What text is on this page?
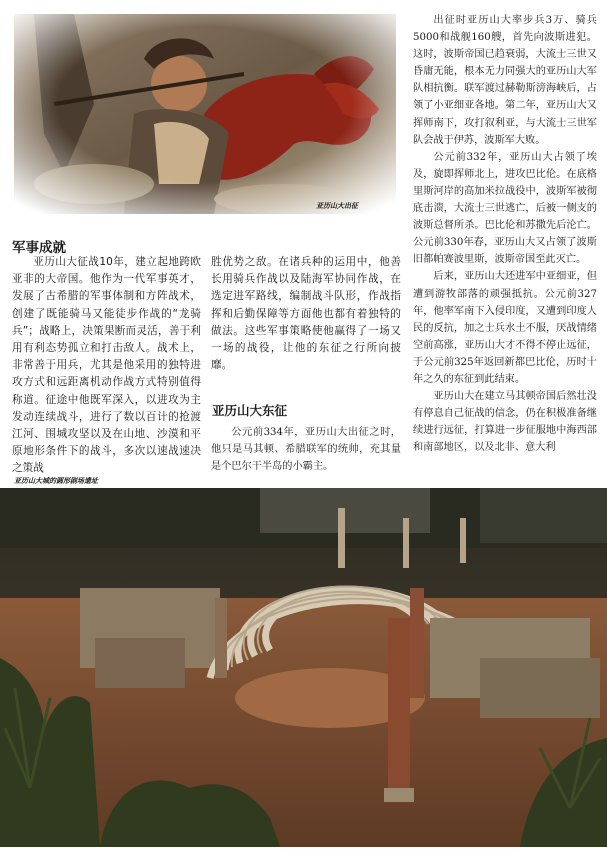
亚历山大出征
军事成就

亚历山大征战10年，建立起地跨欧亚非的大帝国。他作为一代军事英才，发展了古希腊的军事体制和方阵战术，创建了既能骑马又能徒步作战的“龙骑兵”；战略上，决策果断而灵活，善于利用有利态势孤立和打击敌人。战术上，非常善于用兵，尤其是他采用的独特进攻方式和远距离机动作战方式特别值得称道。征途中他既军深入，以进攻为主发动连续战斗，进行了数以百计的抢渡江河、围城攻坚以及在山地、沙漠和平原地形条件下的战斗，多次以速战速决之策战

胜优势之敌。在诸兵种的运用中，他善长用骑兵作战以及陆海军协同作战，在选定进军路线，编制战斗队形，作战指挥和后勤保障等方面他也都有着独特的做法。这些军事策略使他赢得了一场又一场的战役，让他的东征之行所向披靡。

亚历山大东征

公元前334年，亚历山大出征之时，他只是马其顿、希腊联军的统帅，充其量是个巴尔干半岛的小霸主。

出征时亚历山大率步兵3万、骑兵5000和战舰160艘，首先向波斯进犯。这时，波斯帝国已趋衰弱，大流士三世又昏庸无能，根本无力同强大的亚历山大军队相抗衡。联军渡过赫勒斯滂海峡后，占领了小亚细亚各地。第二年，亚历山大又挥师南下，攻打叙利亚，与大流士三世军队会战于伊苏，波斯军大败。

公元前332年，亚历山大占领了埃及，旋即挥师北上，进攻巴比伦。在底格里斯河岸的高加米拉战役中，波斯军被彻底击溃，大流士三世逃亡，后被一侧支的波斯总督所杀。巴比伦和苏撒先后沦亡。公元前330年春，亚历山大又占领了波斯旧都帕赛波里斯，波斯帝国至此灭亡。

后来，亚历山大还进军中亚细亚，但遭到游牧部落的顽强抵抗。公元前327年，他率军南下入侵印度，又遭到印度人民的反抗，加之士兵水土不服，厌战情绪空前高涨，亚历山大才不得不停止远征，于公元前325年返回新都巴比伦，历时十年之久的东征到此结束。

亚历山大在建立马其顿帝国后然壮没有停息自己征战的信念，仍在积极准备继续进行远征，打算进一步征服地中海西部和南部地区，以及北非、意大利

亚历山大城的圆形剧场遗址
